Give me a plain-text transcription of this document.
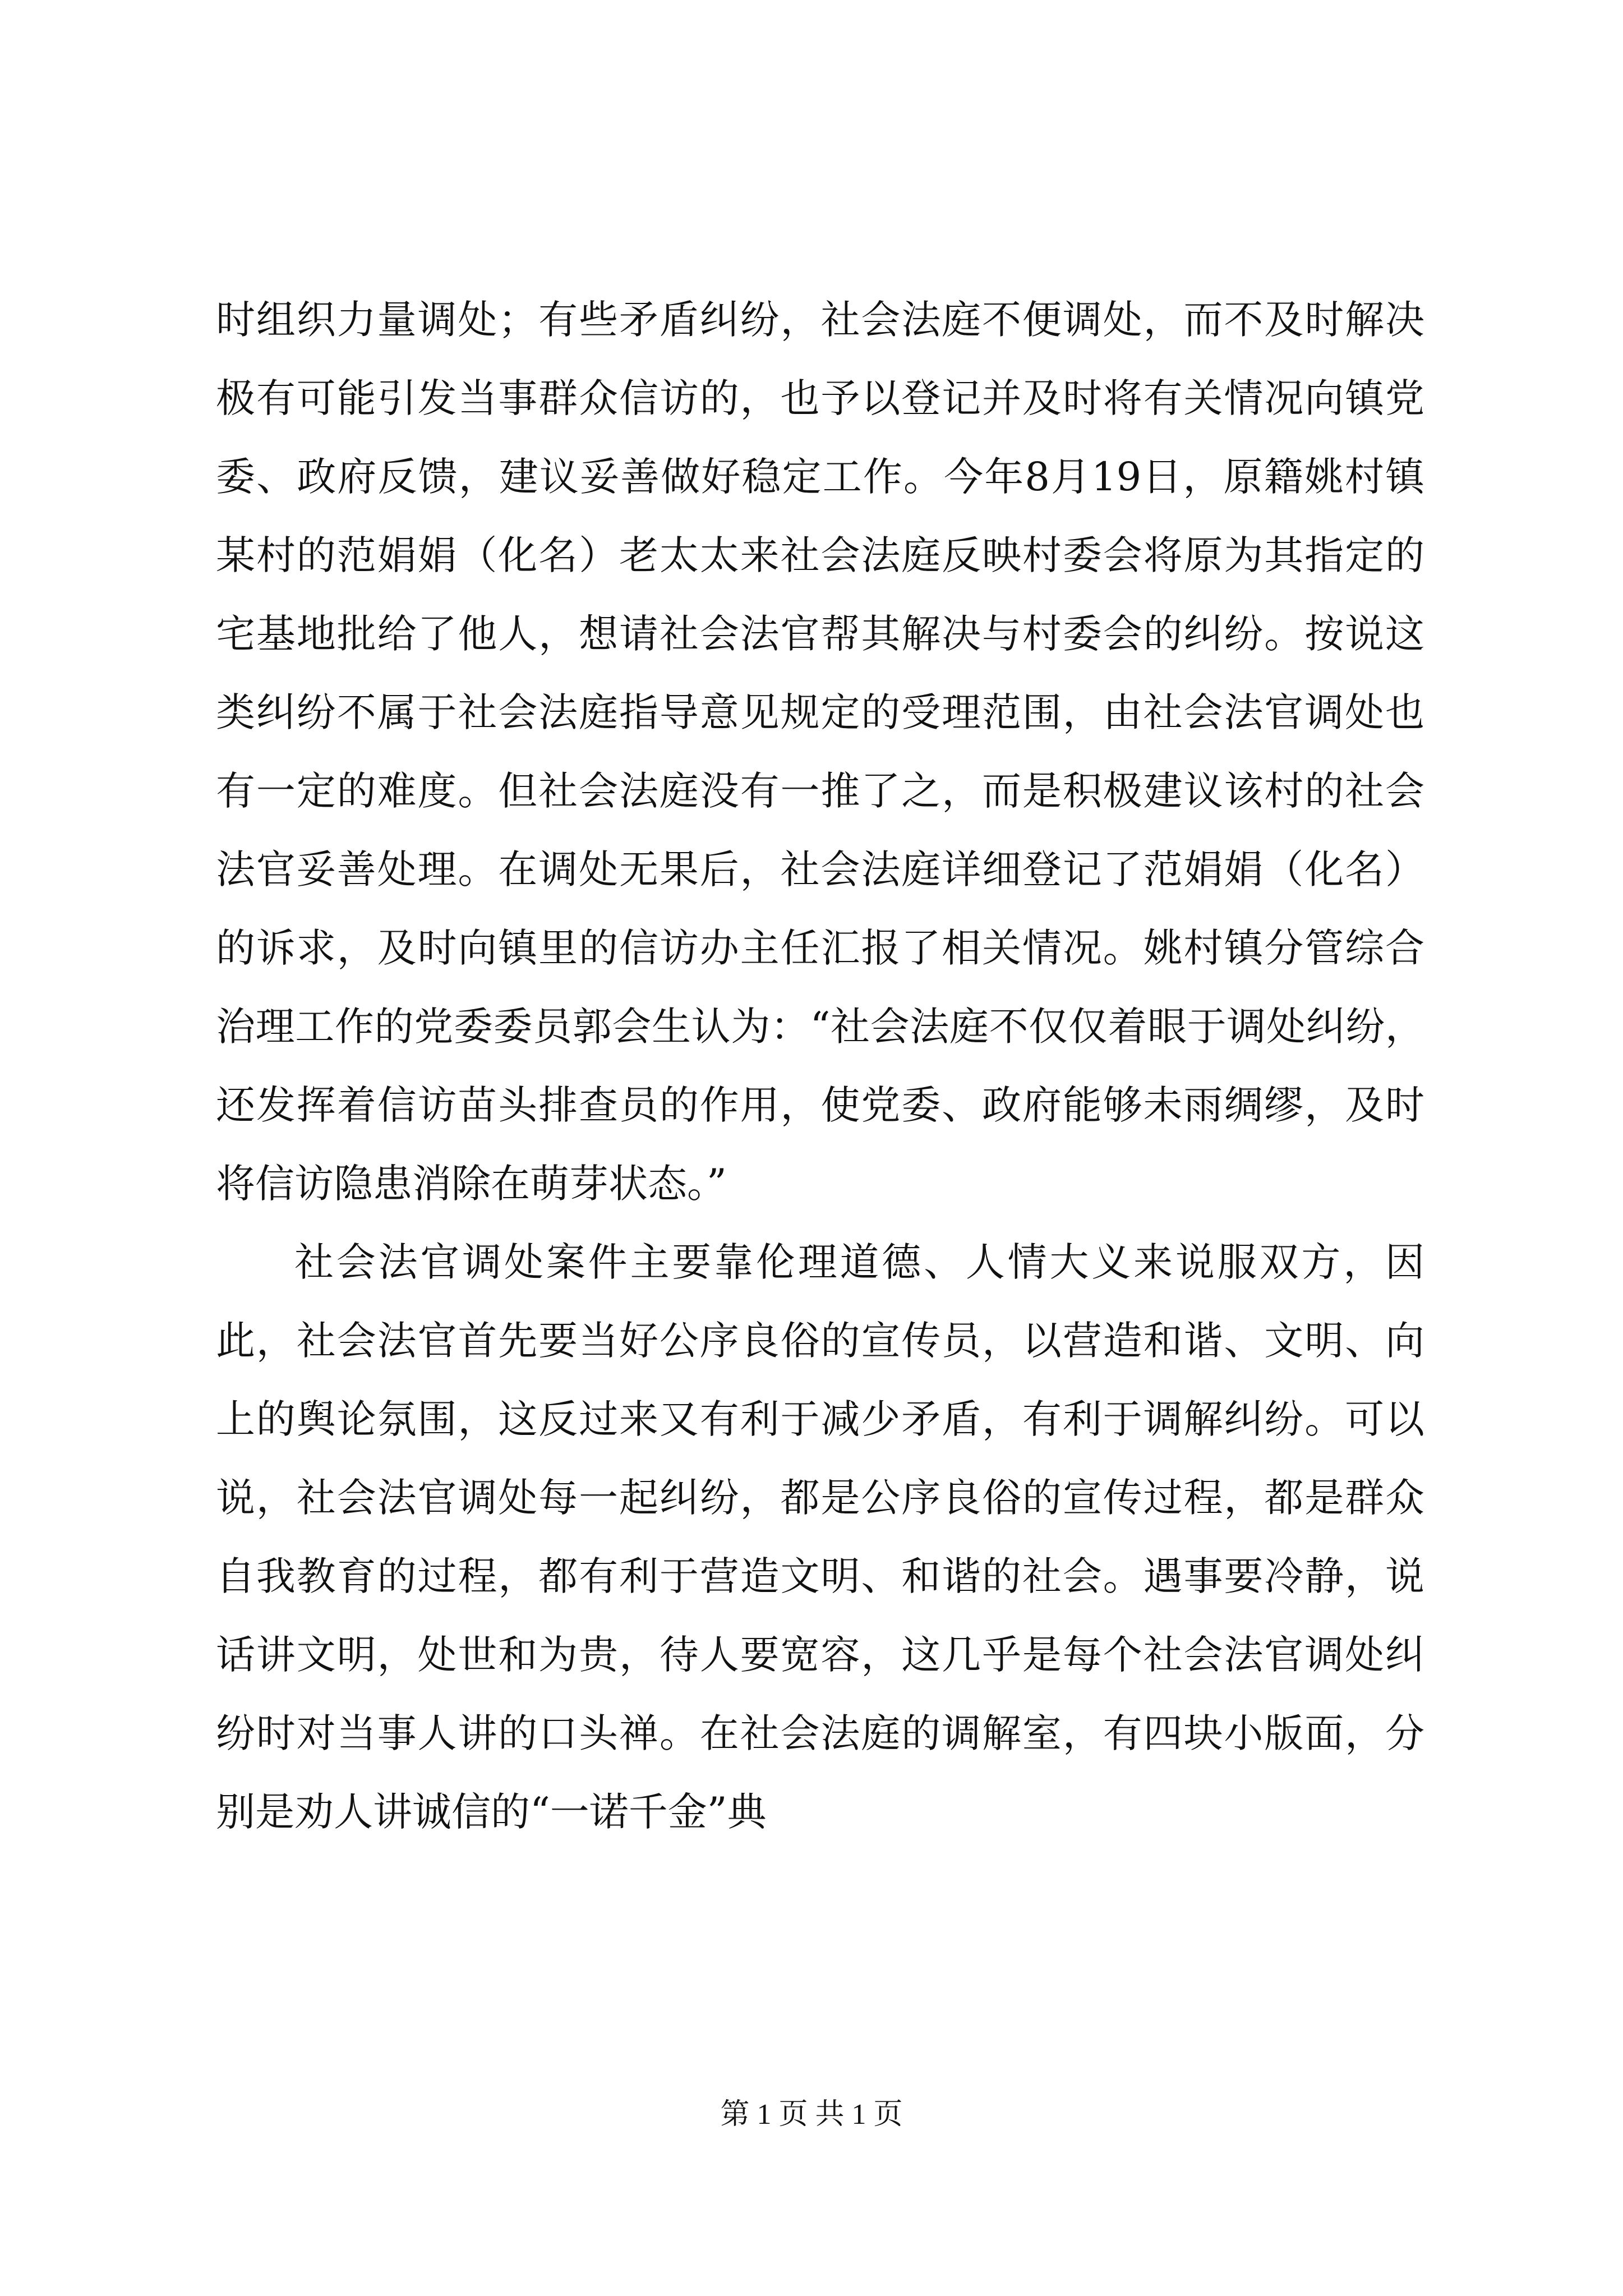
时组织力量调处；有些矛盾纠纷，社会法庭不便调处，而不及时解决极有可能引发当事群众信访的，也予以登记并及时将有关情况向镇党委、政府反馈，建议妥善做好稳定工作。今年8月19日，原籍姚村镇某村的范娟娟（化名）老太太来社会法庭反映村委会将原为其指定的宅基地批给了他人，想请社会法官帮其解决与村委会的纠纷。按说这类纠纷不属于社会法庭指导意见规定的受理范围，由社会法官调处也有一定的难度。但社会法庭没有一推了之，而是积极建议该村的社会法官妥善处理。在调处无果后，社会法庭详细登记了范娟娟（化名）的诉求，及时向镇里的信访办主任汇报了相关情况。姚村镇分管综合治理工作的党委委员郭会生认为：“社会法庭不仅仅着眼于调处纠纷，还发挥着信访苗头排查员的作用，使党委、政府能够未雨绸缪，及时将信访隐患消除在萌芽状态。”

社会法官调处案件主要靠伦理道德、人情大义来说服双方，因此，社会法官首先要当好公序良俗的宣传员，以营造和谐、文明、向上的舆论氛围，这反过来又有利于减少矛盾，有利于调解纠纷。可以说，社会法官调处每一起纠纷，都是公序良俗的宣传过程，都是群众自我教育的过程，都有利于营造文明、和谐的社会。遇事要冷静，说话讲文明，处世和为贵，待人要宽容，这几乎是每个社会法官调处纠纷时对当事人讲的口头禅。在社会法庭的调解室，有四块小版面，分别是劝人讲诚信的“一诺千金”典

第 1 页 共 1 页
